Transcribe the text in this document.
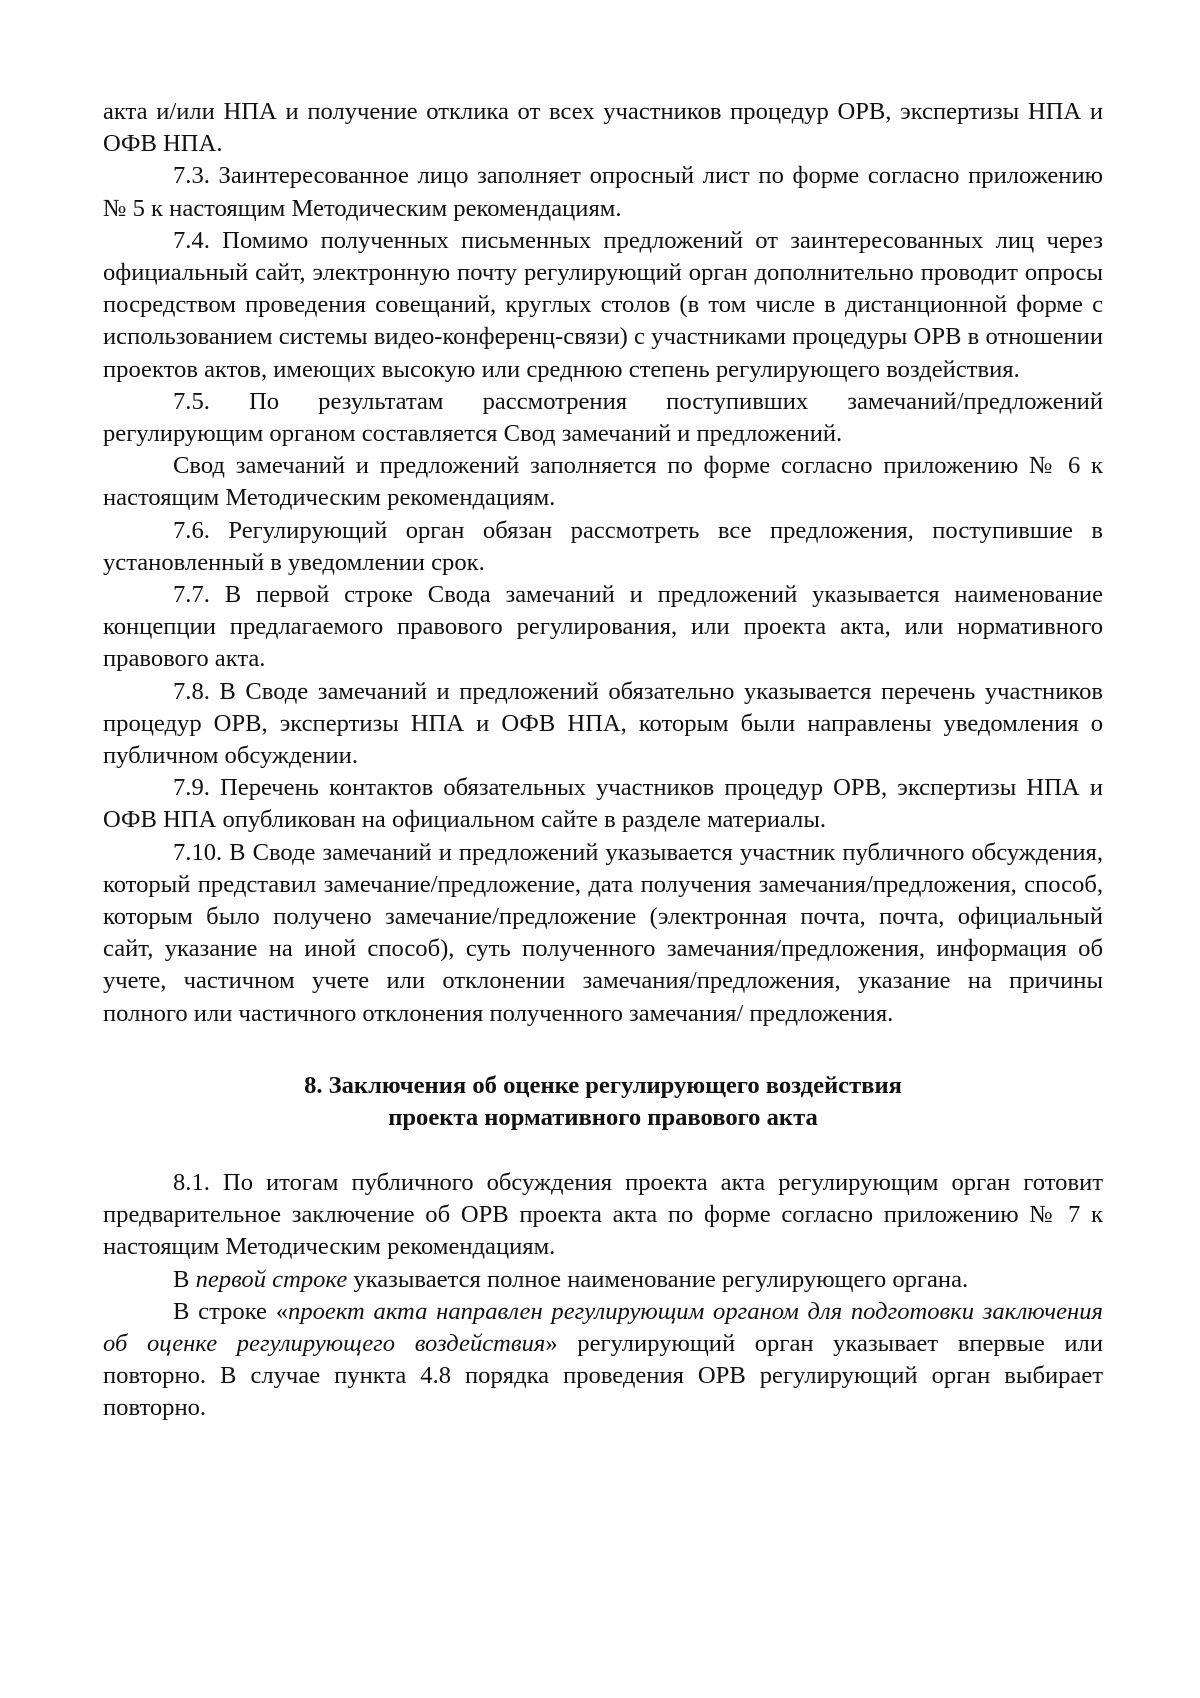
акта и/или НПА и получение отклика от всех участников процедур ОРВ, экспертизы НПА и ОФВ НПА.

7.3. Заинтересованное лицо заполняет опросный лист по форме согласно приложению № 5 к настоящим Методическим рекомендациям.

7.4. Помимо полученных письменных предложений от заинтересованных лиц через официальный сайт, электронную почту регулирующий орган дополнительно проводит опросы посредством проведения совещаний, круглых столов (в том числе в дистанционной форме с использованием системы видео-конференц-связи) с участниками процедуры ОРВ в отношении проектов актов, имеющих высокую или среднюю степень регулирующего воздействия.

7.5. По результатам рассмотрения поступивших замечаний/предложений регулирующим органом составляется Свод замечаний и предложений.

Свод замечаний и предложений заполняется по форме согласно приложению № 6 к настоящим Методическим рекомендациям.

7.6. Регулирующий орган обязан рассмотреть все предложения, поступившие в установленный в уведомлении срок.

7.7. В первой строке Свода замечаний и предложений указывается наименование концепции предлагаемого правового регулирования, или проекта акта, или нормативного правового акта.

7.8. В Своде замечаний и предложений обязательно указывается перечень участников процедур ОРВ, экспертизы НПА и ОФВ НПА, которым были направлены уведомления о публичном обсуждении.

7.9. Перечень контактов обязательных участников процедур ОРВ, экспертизы НПА и ОФВ НПА опубликован на официальном сайте в разделе материалы.

7.10. В Своде замечаний и предложений указывается участник публичного обсуждения, который представил замечание/предложение, дата получения замечания/предложения, способ, которым было получено замечание/предложение (электронная почта, почта, официальный сайт, указание на иной способ), суть полученного замечания/предложения, информация об учете, частичном учете или отклонении замечания/предложения, указание на причины полного или частичного отклонения полученного замечания/ предложения.

8. Заключения об оценке регулирующего воздействия
проекта нормативного правового акта

8.1. По итогам публичного обсуждения проекта акта регулирующим орган готовит предварительное заключение об ОРВ проекта акта по форме согласно приложению № 7 к настоящим Методическим рекомендациям.

В первой строке указывается полное наименование регулирующего органа.

В строке «проект акта направлен регулирующим органом для подготовки заключения об оценке регулирующего воздействия» регулирующий орган указывает впервые или повторно. В случае пункта 4.8 порядка проведения ОРВ регулирующий орган выбирает повторно.
